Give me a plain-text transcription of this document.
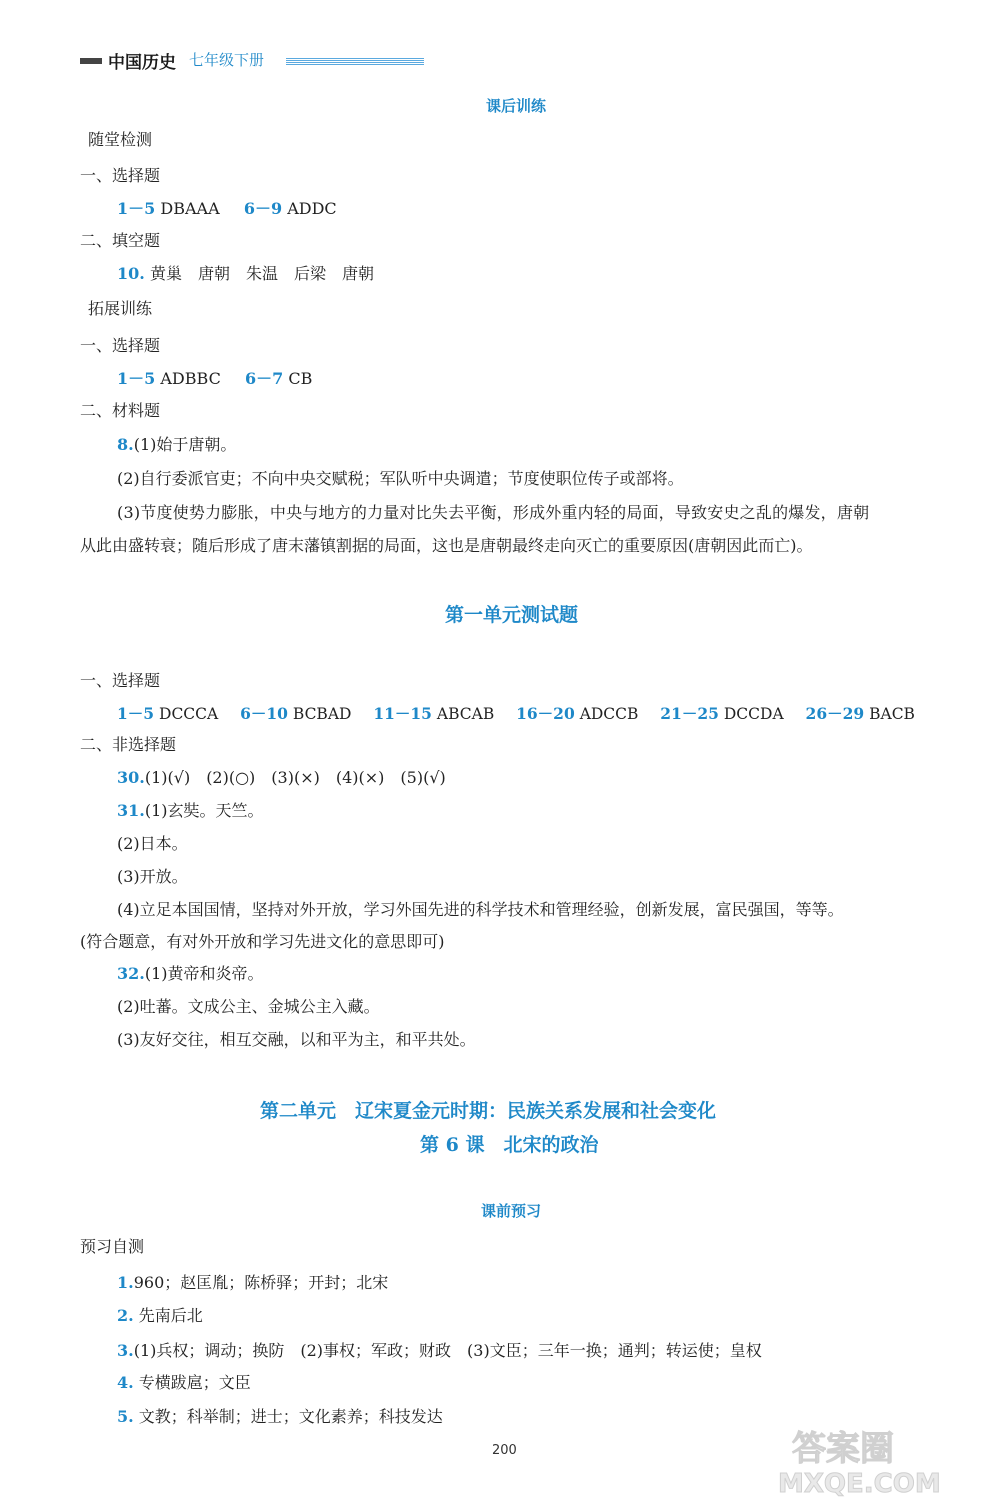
中国历史 七年级下册
课后训练
随堂检测
一、选择题
1－5 DBAAA 6－9 ADDC
二、填空题
10. 黄巢　唐朝　朱温　后梁　唐朝
拓展训练
一、选择题
1－5 ADBBC 6－7 CB
二、材料题
8.(1)始于唐朝。
(2)自行委派官吏；不向中央交赋税；军队听中央调遣；节度使职位传子或部将。
(3)节度使势力膨胀，中央与地方的力量对比失去平衡，形成外重内轻的局面，导致安史之乱的爆发，唐朝
从此由盛转衰；随后形成了唐末藩镇割据的局面，这也是唐朝最终走向灭亡的重要原因(唐朝因此而亡)。
第一单元测试题
一、选择题
1－5 DCCCA 6－10 BCBAD 11－15 ABCAB 16－20 ADCCB 21－25 DCCDA 26－29 BACB
二、非选择题
30.(1)(√)　(2)(○)　(3)(×)　(4)(×)　(5)(√)
31.(1)玄奘。天竺。
(2)日本。
(3)开放。
(4)立足本国国情，坚持对外开放，学习外国先进的科学技术和管理经验，创新发展，富民强国，等等。
(符合题意，有对外开放和学习先进文化的意思即可)
32.(1)黄帝和炎帝。
(2)吐蕃。文成公主、金城公主入藏。
(3)友好交往，相互交融，以和平为主，和平共处。
第二单元　辽宋夏金元时期：民族关系发展和社会变化
第 6 课　北宋的政治
课前预习
预习自测
1.960；赵匡胤；陈桥驿；开封；北宋
2. 先南后北
3.(1)兵权；调动；换防　(2)事权；军政；财政　(3)文臣；三年一换；通判；转运使；皇权
4. 专横跋扈；文臣
5. 文教；科举制；进士；文化素养；科技发达
200	答案圈
MXQE.COM
